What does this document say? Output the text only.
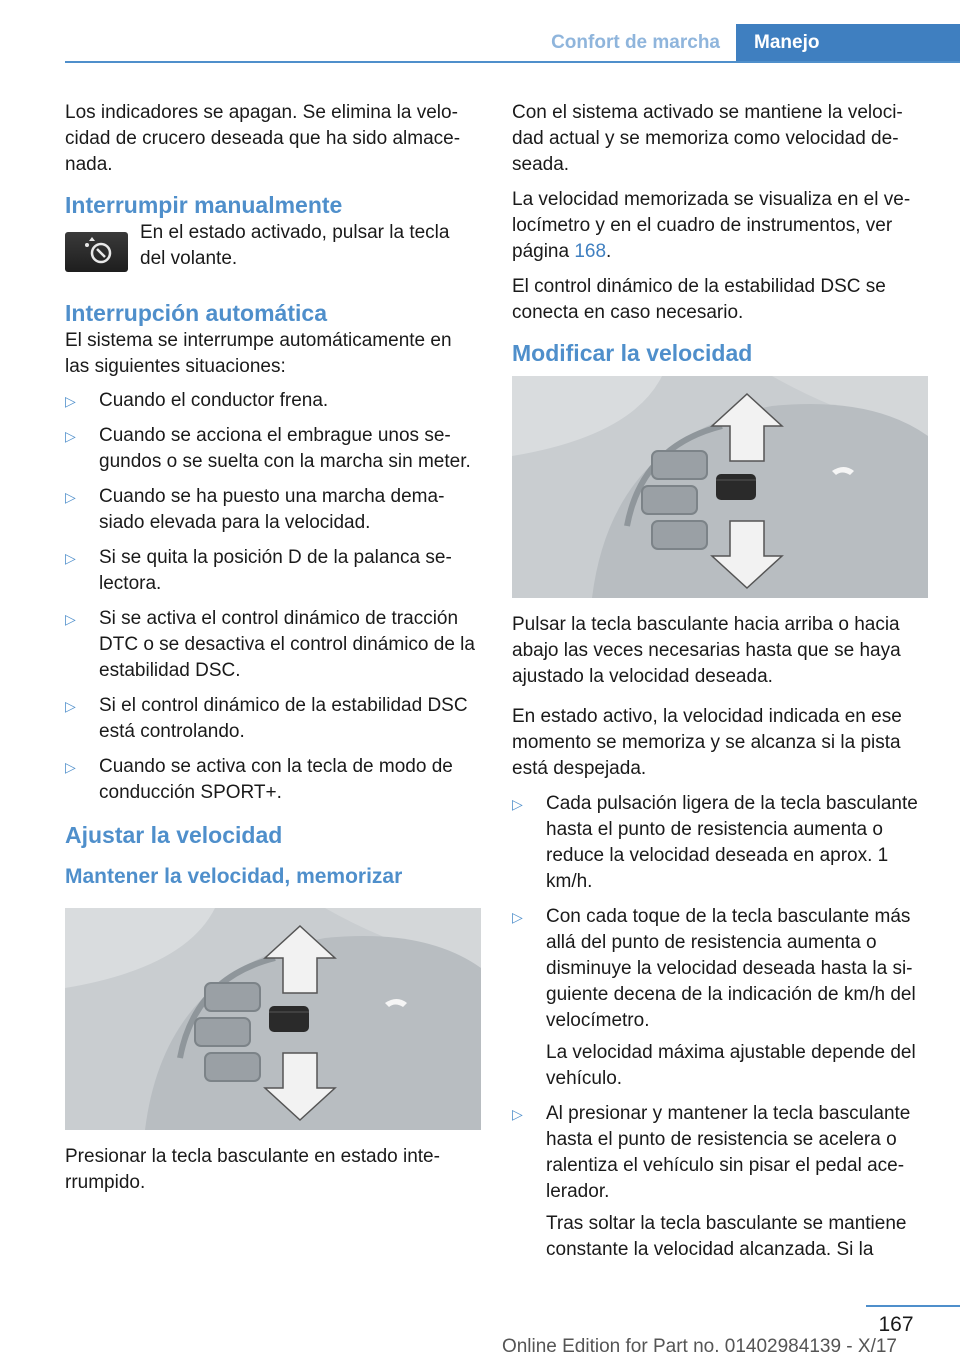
Confort de marcha	Manejo

Los indicadores se apagan. Se elimina la velocidad de crucero deseada que ha sido almacenada.

Interrumpir manualmente
En el estado activado, pulsar la tecla del volante.
Interrupción automática

El sistema se interrumpe automáticamente en las siguientes situaciones:

▷ Cuando el conductor frena.
▷ Cuando se acciona el embrague unos segundos o se suelta con la marcha sin meter.
▷ Cuando se ha puesto una marcha demasiado elevada para la velocidad.
▷ Si se quita la posición D de la palanca selectora.
▷ Si se activa el control dinámico de tracción DTC o se desactiva el control dinámico de la estabilidad DSC.
▷ Si el control dinámico de la estabilidad DSC está controlando.
▷ Cuando se activa con la tecla de modo de conducción SPORT+.
Ajustar la velocidad
Mantener la velocidad, memorizar

Presionar la tecla basculante en estado interrumpido.

Con el sistema activado se mantiene la velocidad actual y se memoriza como velocidad deseada.

La velocidad memorizada se visualiza en el velocímetro y en el cuadro de instrumentos, ver página 168.

El control dinámico de la estabilidad DSC se conecta en caso necesario.

Modificar la velocidad

Pulsar la tecla basculante hacia arriba o hacia abajo las veces necesarias hasta que se haya ajustado la velocidad deseada.

En estado activo, la velocidad indicada en ese momento se memoriza y se alcanza si la pista está despejada.

▷ Cada pulsación ligera de la tecla basculante hasta el punto de resistencia aumenta o reduce la velocidad deseada en aprox. 1 km/h.
▷ Con cada toque de la tecla basculante más allá del punto de resistencia aumenta o disminuye la velocidad deseada hasta la siguiente decena de la indicación de km/h del velocímetro.
La velocidad máxima ajustable depende del vehículo.
▷ Al presionar y mantener la tecla basculante hasta el punto de resistencia se acelera o ralentiza el vehículo sin pisar el pedal acelerador.
Tras soltar la tecla basculante se mantiene constante la velocidad alcanzada. Si la
167
Online Edition for Part no. 01402984139 - X/17
